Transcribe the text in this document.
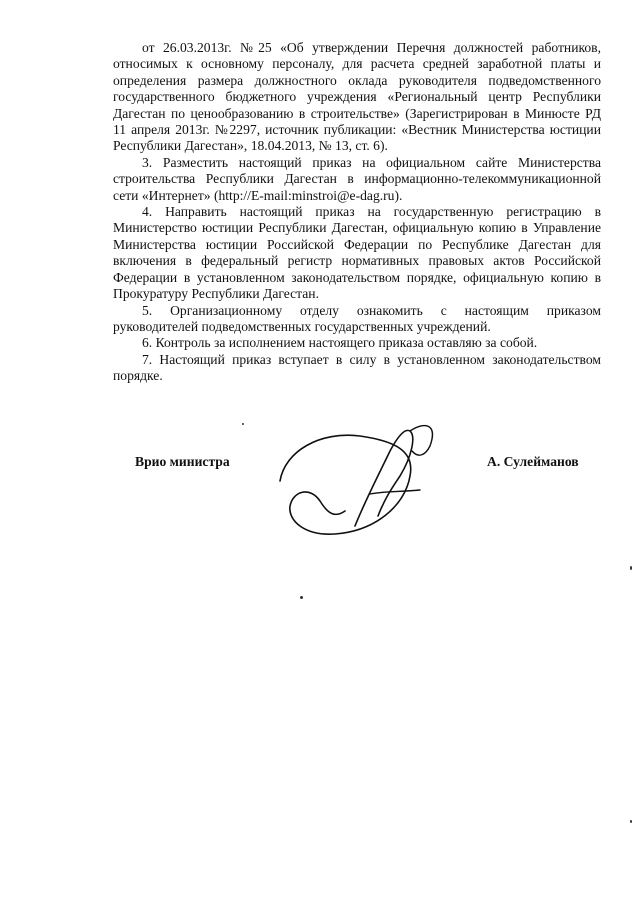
от 26.03.2013г. №25 «Об утверждении Перечня должностей работников, относимых к основному персоналу, для расчета средней заработной платы и определения размера должностного оклада руководителя подведомственного государственного бюджетного учреждения «Региональный центр Республики Дагестан по ценообразованию в строительстве» (Зарегистрирован в Минюсте РД 11 апреля 2013г. №2297, источник публикации: «Вестник Министерства юстиции Республики Дагестан», 18.04.2013, № 13, ст. 6).

3. Разместить настоящий приказ на официальном сайте Министерства строительства Республики Дагестан в информационно-телекоммуникационной сети «Интернет» (http://E-mail:minstroi@e-dag.ru).

4. Направить настоящий приказ на государственную регистрацию в Министерство юстиции Республики Дагестан, официальную копию в Управление Министерства юстиции Российской Федерации по Республике Дагестан для включения в федеральный регистр нормативных правовых актов Российской Федерации в установленном законодательством порядке, официальную копию в Прокуратуру Республики Дагестан.

5. Организационному отделу ознакомить с настоящим приказом руководителей подведомственных государственных учреждений.

6. Контроль за исполнением настоящего приказа оставляю за собой.

7. Настоящий приказ вступает в силу в установленном законодательством порядке.

Врио министра	А. Сулейманов
